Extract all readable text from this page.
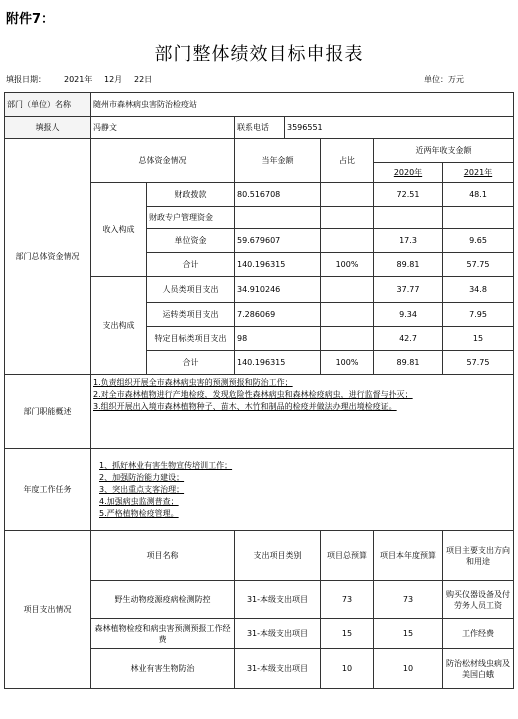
附件7：
部门整体绩效目标申报表
填报日期： 2021年 12月 22日	单位：万元
部门（单位）名称	随州市森林病虫害防治检疫站						
填报人	冯静文		联系电话	3596551			
部门总体资金情况	总体资金情况		当年金额		占比	近两年收支金额	
						2020年	2021年
	收入构成	财政拨款	80.516708			72.51	48.1
		财政专户管理资金					
		单位资金	59.679607			17.3	9.65
		合计	140.196315		100%	89.81	57.75
	支出构成	人员类项目支出	34.910246			37.77	34.8
		运转类项目支出	7.286069			9.34	7.95
		特定目标类项目支出	98			42.7	15
		合计	140.196315		100%	89.81	57.75
部门职能概述	1.负责组织开展全市森林病虫害的预测预报和防治工作；
2.对全市森林植物进行产地检疫，发现危险性森林病虫和森林检疫病虫，进行监督与扑灭；
3.组织开展出入境市森林植物种子、苗木、木竹和制品的检疫并做法办理出境检疫证。						

年度工作任务	1、抓好林业有害生物宣传培训工作；
2、加强防治能力建设；
3、突出重点支客治理；
4.加强病虫监测普查；
5.严格植物检疫管理。						

项目支出情况	项目名称		支出项目类别		项目总预算	项目本年度预算	项目主要支出方向和用途
	野生动物疫源疫病检测防控		31-本级支出项目		73	73	购买仪器设备及付劳务人员工资
	森林植物检疫和病虫害预测预报工作经费		31-本级支出项目		15	15	工作经费
	林业有害生物防治		31-本级支出项目		10	10	防治松材线虫病及美国白蛾
